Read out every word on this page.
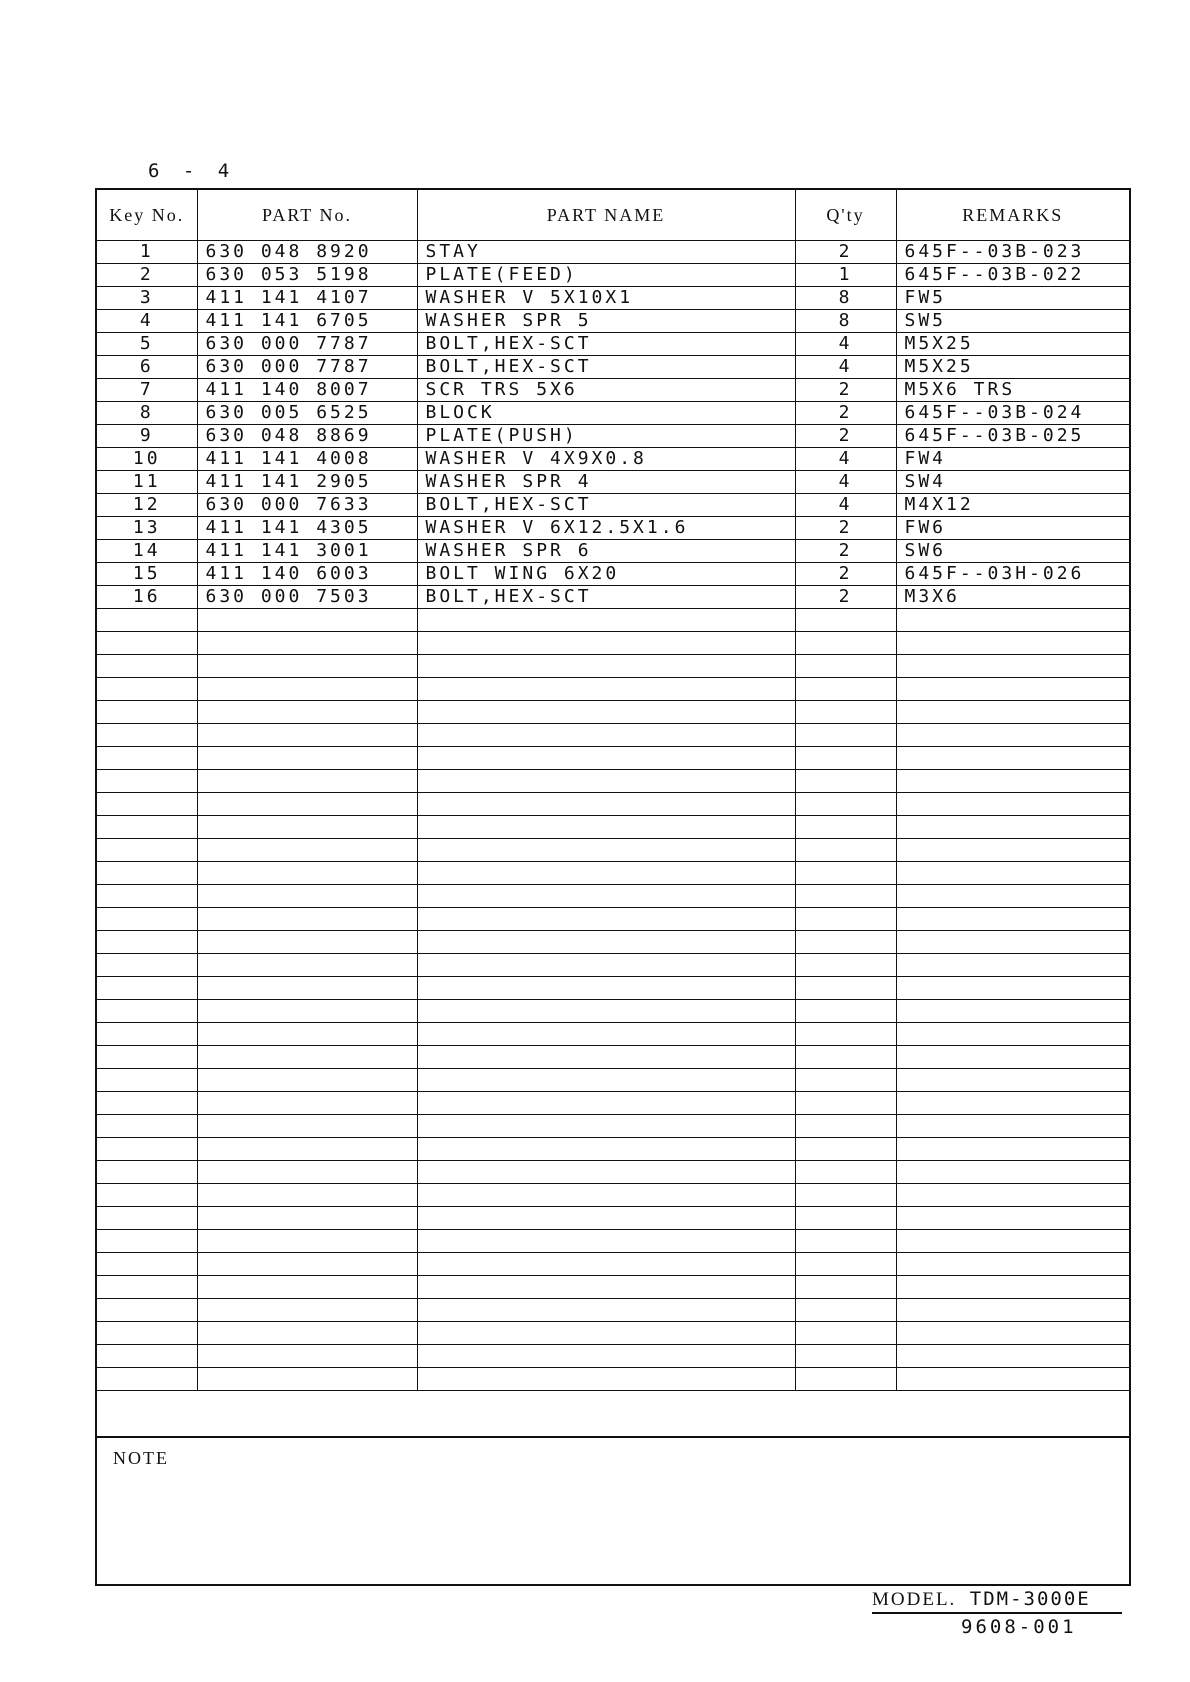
6 - 4
Key No.	PART No.	PART NAME	Q'ty	REMARKS
1	630 048 8920	STAY	2	645F--03B-023
2	630 053 5198	PLATE(FEED)	1	645F--03B-022
3	411 141 4107	WASHER V 5X10X1	8	FW5
4	411 141 6705	WASHER SPR 5	8	SW5
5	630 000 7787	BOLT,HEX-SCT	4	M5X25
6	630 000 7787	BOLT,HEX-SCT	4	M5X25
7	411 140 8007	SCR TRS 5X6	2	M5X6 TRS
8	630 005 6525	BLOCK	2	645F--03B-024
9	630 048 8869	PLATE(PUSH)	2	645F--03B-025
10	411 141 4008	WASHER V 4X9X0.8	4	FW4
11	411 141 2905	WASHER SPR 4	4	SW4
12	630 000 7633	BOLT,HEX-SCT	4	M4X12
13	411 141 4305	WASHER V 6X12.5X1.6	2	FW6
14	411 141 3001	WASHER SPR 6	2	SW6
15	411 140 6003	BOLT WING 6X20	2	645F--03H-026
16	630 000 7503	BOLT,HEX-SCT	2	M3X6

NOTE
MODEL. TDM-3000E
9608-001
